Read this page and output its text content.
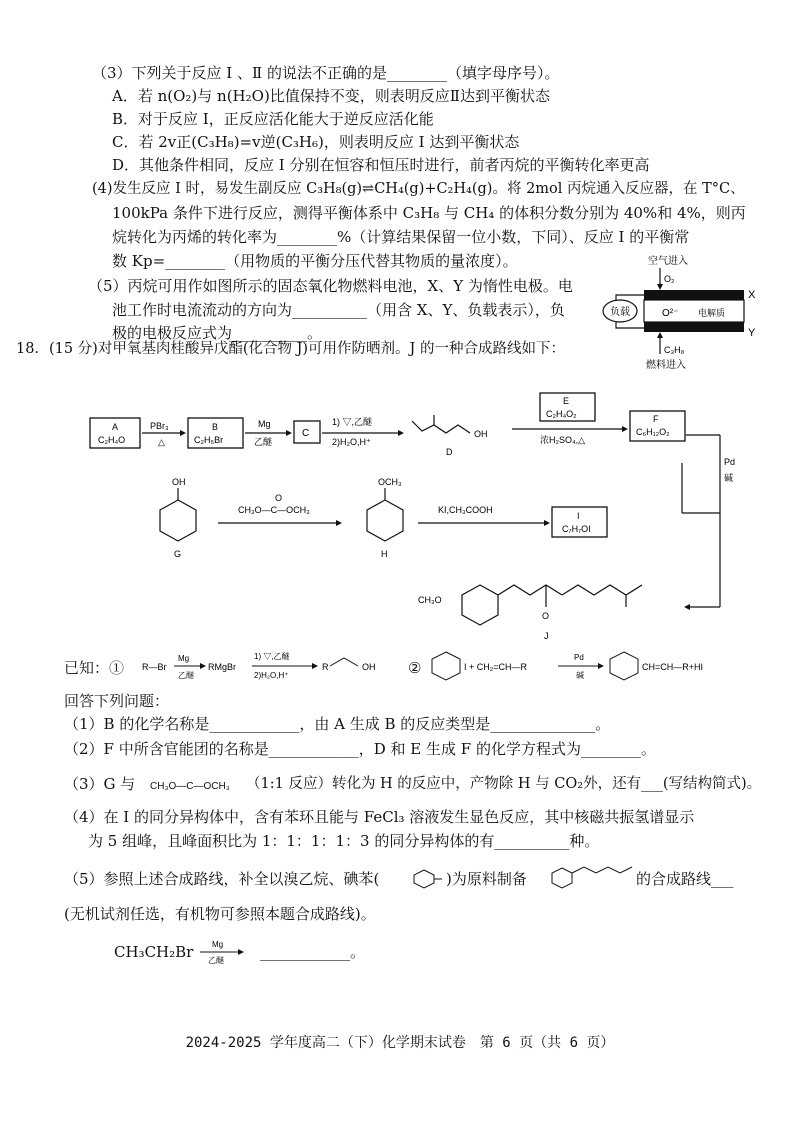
（3）下列关于反应 Ⅰ 、Ⅱ 的说法不正确的是________（填字母序号）。
A．若 n(O₂)与 n(H₂O)比值保持不变，则表明反应Ⅱ达到平衡状态
B．对于反应 Ⅰ，正反应活化能大于逆反应活化能
C．若 2v正(C₃H₈)=v逆(C₃H₆)，则表明反应 Ⅰ 达到平衡状态
D．其他条件相同，反应 Ⅰ 分别在恒容和恒压时进行，前者丙烷的平衡转化率更高
(4)发生反应 Ⅰ 时，易发生副反应 C₃H₈(g)⇌CH₄(g)+C₂H₄(g)。将 2mol 丙烷通入反应器，在 T°C、
100kPa 条件下进行反应，测得平衡体系中 C₃H₈ 与 CH₄ 的体积分数分别为 40%和 4%，则丙
烷转化为丙烯的转化率为________%（计算结果保留一位小数，下同）、反应 Ⅰ 的平衡常
数 Kp=________（用物质的平衡分压代替其物质的量浓度）。
（5）丙烷可用作如图所示的固态氧化物燃料电池，X、Y 为惰性电极。电
池工作时电流流动的方向为__________（用含 X、Y、负载表示），负
极的电极反应式为__________。
空气进入
O₂
O²⁻ 电解质
X
Y
负载
C₃H₈
燃料进入
18．(15 分)对甲氧基肉桂酸异戊酯(化合物 J)可用作防晒剂。J 的一种合成路线如下：
A
C₂H₄O
PBr₃
△
B
C₂H₅Br
Mg
乙醚
C
1) ▽,乙醚
2)H₂O,H⁺
OH
D
E
C₂H₄O₂
浓H₂SO₄,△
F
C₆H₁₂O₂
Pd
碱
OH
G
CH₃O—C—OCH₃
O
OCH₃
H
KI,CH₃COOH
I
C₇H₇OI
CH₃O
O
J
已知：① R—Br
Mg
乙醚
RMgBr
1) ▽,乙醚
2)H₂O,H⁺
R	OH ②	I + CH₂=CH—R
Pd
碱
CH=CH—R+HI
回答下列问题：
（1）B 的化学名称是____________，由 A 生成 B 的反应类型是______________。
（2）F 中所含官能团的名称是____________，D 和 E 生成 F 的化学方程式为________。
（3）G 与 CH₃O—C—OCH₃ （1:1 反应）转化为 H 的反应中，产物除 H 与 CO₂外，还有___(写结构简式)。
（4）在 I 的同分异构体中，含有苯环且能与 FeCl₃ 溶液发生显色反应，其中核磁共振氢谱显示
为 5 组峰，且峰面积比为 1：1：1：1：3 的同分异构体的有__________种。
（5）参照上述合成路线，补全以溴乙烷、碘苯(	)为原料制备	的合成路线___
(无机试剂任选，有机物可参照本题合成路线)。
CH₃CH₂Br Mg
乙醚 ____________。
2024-2025 学年度高二（下）化学期末试卷　第 6 页（共 6 页）
